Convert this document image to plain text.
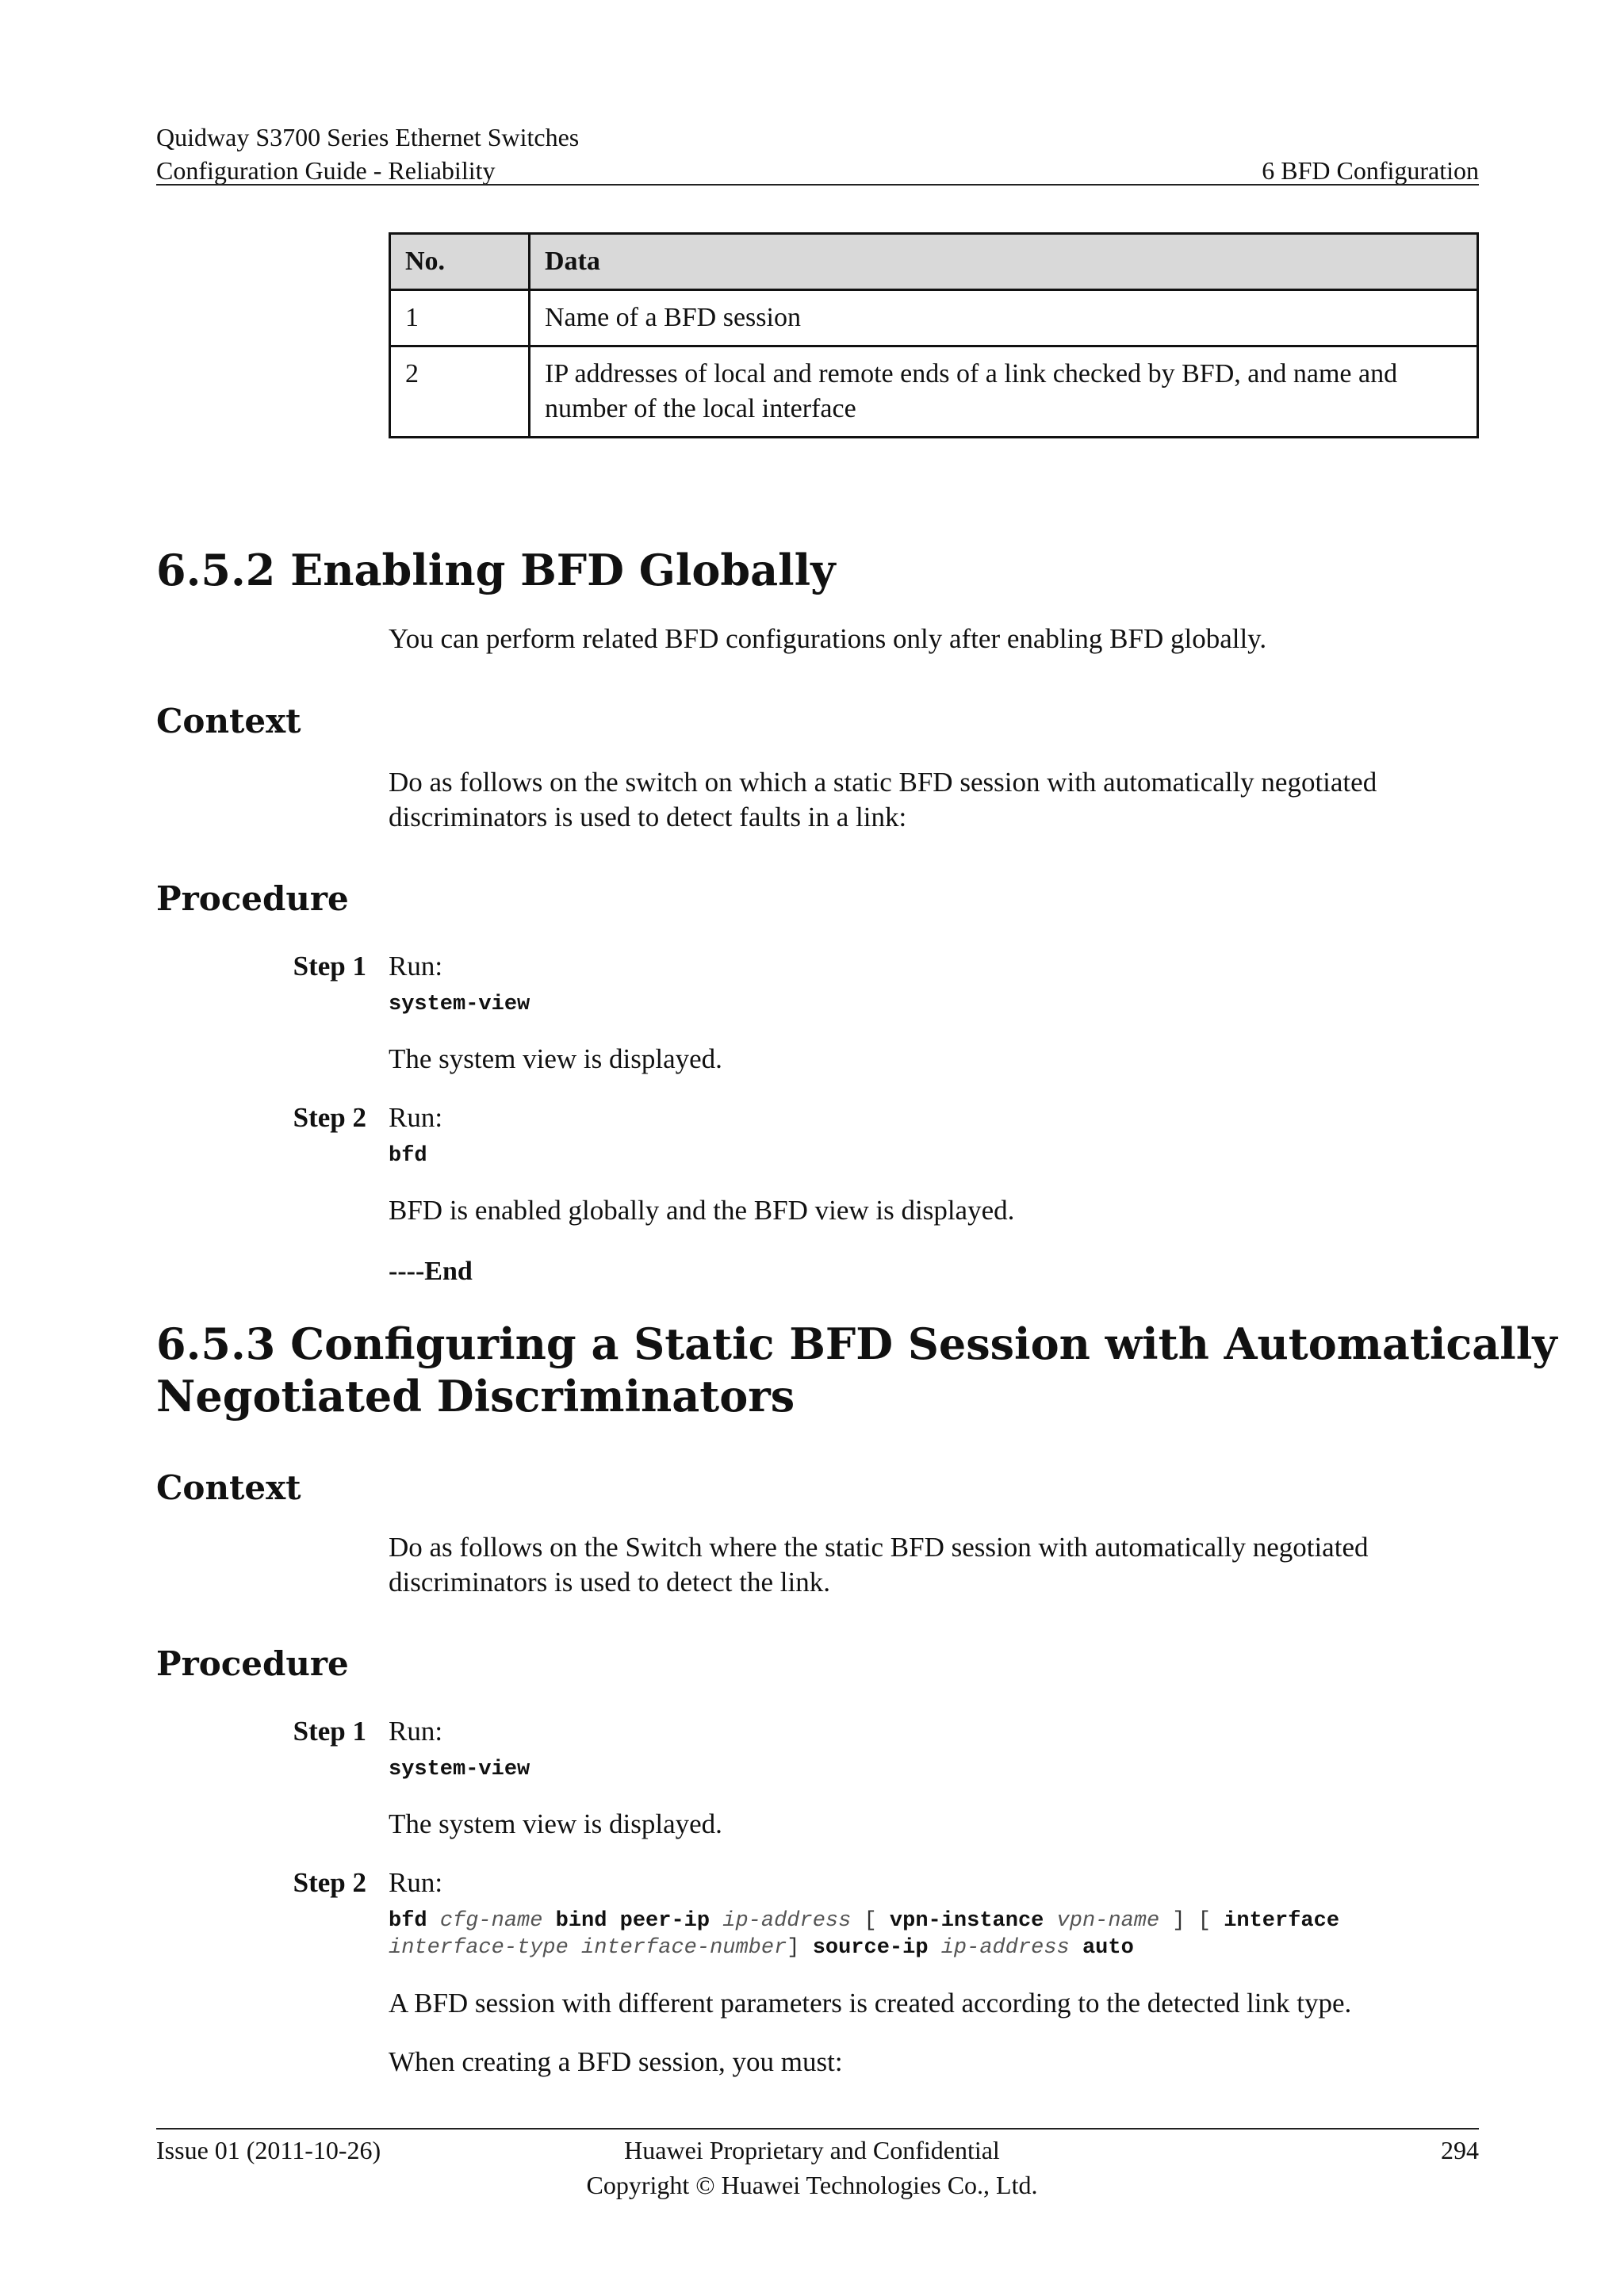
Quidway S3700 Series Ethernet Switches
Configuration Guide - Reliability	6 BFD Configuration
No.	Data
1	Name of a BFD session
2	IP addresses of local and remote ends of a link checked by BFD, and name and number of the local interface
6.5.2 Enabling BFD Globally
You can perform related BFD configurations only after enabling BFD globally.
Context
Do as follows on the switch on which a static BFD session with automatically negotiated discriminators is used to detect faults in a link:
Procedure
Step 1 Run:
system-view
The system view is displayed.
Step 2 Run:
bfd
BFD is enabled globally and the BFD view is displayed.
----End
6.5.3 Configuring a Static BFD Session with Automatically
Negotiated Discriminators
Context
Do as follows on the Switch where the static BFD session with automatically negotiated discriminators is used to detect the link.
Procedure
Step 1 Run:
system-view
The system view is displayed.
Step 2 Run:
bfd cfg-name bind peer-ip ip-address [ vpn-instance vpn-name ] [ interface
interface-type interface-number] source-ip ip-address auto
A BFD session with different parameters is created according to the detected link type.
When creating a BFD session, you must:
Issue 01 (2011-10-26)	Huawei Proprietary and Confidential
Copyright © Huawei Technologies Co., Ltd.
294
